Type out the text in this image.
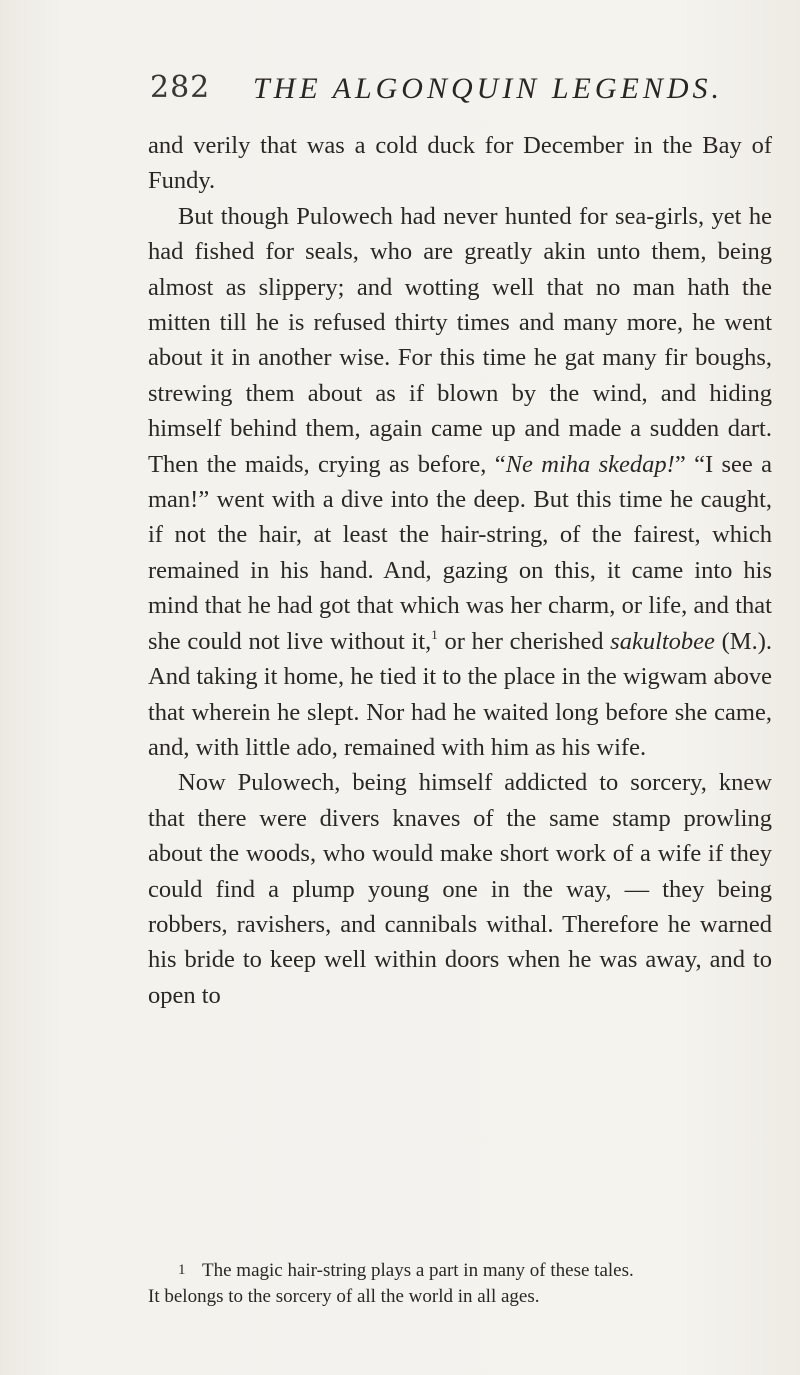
282 THE ALGONQUIN LEGENDS.

and verily that was a cold duck for December in the Bay of Fundy.

But though Pulowech had never hunted for sea-girls, yet he had fished for seals, who are greatly akin unto them, being almost as slippery; and wotting well that no man hath the mitten till he is refused thirty times and many more, he went about it in another wise. For this time he gat many fir boughs, strewing them about as if blown by the wind, and hiding himself behind them, again came up and made a sudden dart. Then the maids, crying as before, “Ne miha skedap!” “I see a man!” went with a dive into the deep. But this time he caught, if not the hair, at least the hair-string, of the fairest, which remained in his hand. And, gazing on this, it came into his mind that he had got that which was her charm, or life, and that she could not live without it,$^1$ or her cherished sakultobee (M.). And taking it home, he tied it to the place in the wigwam above that wherein he slept. Nor had he waited long before she came, and, with little ado, remained with him as his wife.

Now Pulowech, being himself addicted to sorcery, knew that there were divers knaves of the same stamp prowling about the woods, who would make short work of a wife if they could find a plump young one in the way, — they being robbers, ravishers, and cannibals withal. Therefore he warned his bride to keep well within doors when he was away, and to open to

1 The magic hair-string plays a part in many of these tales.

It belongs to the sorcery of all the world in all ages.
